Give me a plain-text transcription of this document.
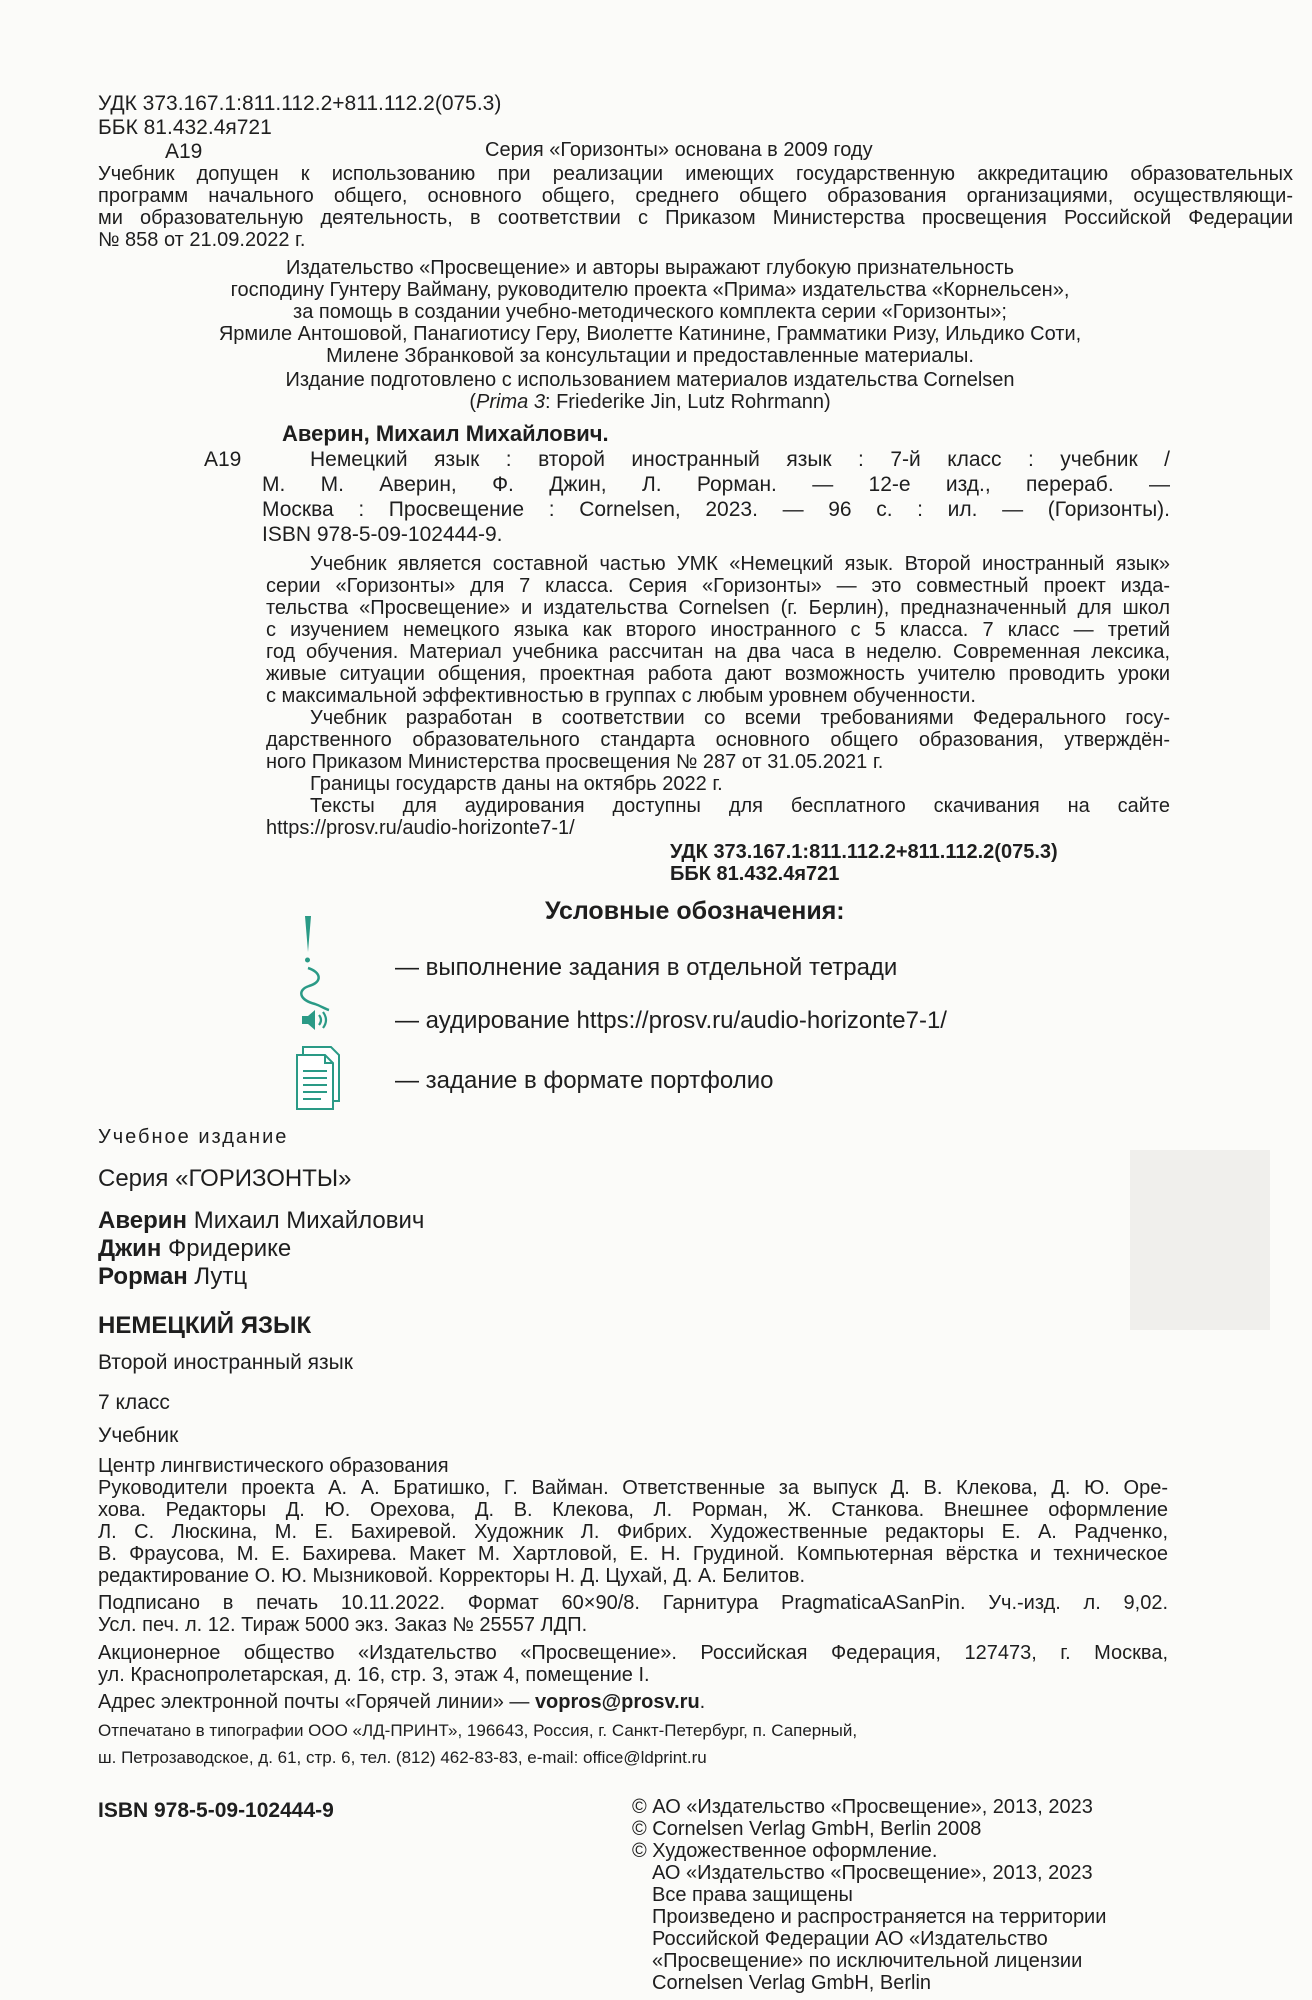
УДК 373.167.1:811.112.2+811.112.2(075.3)
ББК 81.432.4я721
А19	Серия «Горизонты» основана в 2009 году
Учебник допущен к использованию при реализации имеющих государственную аккредитацию образовательных
программ начального общего, основного общего, среднего общего образования организациями, осуществляющи-
ми образовательную деятельность, в соответствии с Приказом Министерства просвещения Российской Федерации
№ 858 от 21.09.2022 г.
Издательство «Просвещение» и авторы выражают глубокую признательность
господину Гунтеру Вайману, руководителю проекта «Прима» издательства «Корнельсен»,
за помощь в создании учебно-методического комплекта серии «Горизонты»;
Ярмиле Антошовой, Панагиотису Геру, Виолетте Катинине, Грамматики Ризу, Ильдико Соти,
Милене Збранковой за консультации и предоставленные материалы.
Издание подготовлено с использованием материалов издательства Cornelsen
(Prima 3: Friederike Jin, Lutz Rohrmann)
Аверин, Михаил Михайлович.
А19	Немецкий язык : второй иностранный язык : 7-й класс : учебник /
М. М. Аверин, Ф. Джин, Л. Рорман. — 12-е изд., перераб. —
Москва : Просвещение : Cornelsen, 2023. — 96 с. : ил. — (Горизонты).
ISBN 978-5-09-102444-9.
Учебник является составной частью УМК «Немецкий язык. Второй иностранный язык»
серии «Горизонты» для 7 класса. Серия «Горизонты» — это совместный проект изда-
тельства «Просвещение» и издательства Cornelsen (г. Берлин), предназначенный для школ
с изучением немецкого языка как второго иностранного с 5 класса. 7 класс — третий
год обучения. Материал учебника рассчитан на два часа в неделю. Современная лексика,
живые ситуации общения, проектная работа дают возможность учителю проводить уроки
с максимальной эффективностью в группах с любым уровнем обученности.
Учебник разработан в соответствии со всеми требованиями Федерального госу-
дарственного образовательного стандарта основного общего образования, утверждён-
ного Приказом Министерства просвещения № 287 от 31.05.2021 г.
Границы государств даны на октябрь 2022 г.
Тексты для аудирования доступны для бесплатного скачивания на сайте
https://prosv.ru/audio-horizonte7-1/
УДК 373.167.1:811.112.2+811.112.2(075.3)
ББК 81.432.4я721
Условные обозначения:
— выполнение задания в отдельной тетради
— аудирование https://prosv.ru/audio-horizonte7-1/
— задание в формате портфолио
Учебное издание
Серия «ГОРИЗОНТЫ»
Аверин Михаил Михайлович
Джин Фридерике
Рорман Лутц
НЕМЕЦКИЙ ЯЗЫК
Второй иностранный язык
7 класс
Учебник
Центр лингвистического образования
Руководители проекта А. А. Братишко, Г. Вайман. Ответственные за выпуск Д. В. Клекова, Д. Ю. Оре-
хова. Редакторы Д. Ю. Орехова, Д. В. Клекова, Л. Рорман, Ж. Станкова. Внешнее оформление
Л. С. Люскина, М. Е. Бахиревой. Художник Л. Фибрих. Художественные редакторы Е. А. Радченко,
В. Фраусова, М. Е. Бахирева. Макет М. Хартловой, Е. Н. Грудиной. Компьютерная вёрстка и техническое
редактирование О. Ю. Мызниковой. Корректоры Н. Д. Цухай, Д. А. Белитов.
Подписано в печать 10.11.2022. Формат 60×90/8. Гарнитура PragmaticaASanPin. Уч.-изд. л. 9,02.
Усл. печ. л. 12. Тираж 5000 экз. Заказ № 25557 ЛДП.
Акционерное общество «Издательство «Просвещение». Российская Федерация, 127473, г. Москва,
ул. Краснопролетарская, д. 16, стр. 3, этаж 4, помещение I.
Адрес электронной почты «Горячей линии» — vopros@prosv.ru.
Отпечатано в типографии ООО «ЛД-ПРИНТ», 196643, Россия, г. Санкт-Петербург, п. Саперный,
ш. Петрозаводское, д. 61, стр. 6, тел. (812) 462-83-83, e-mail: office@ldprint.ru
ISBN 978-5-09-102444-9	© АО «Издательство «Просвещение», 2013, 2023
© Cornelsen Verlag GmbH, Berlin 2008
© Художественное оформление.
АО «Издательство «Просвещение», 2013, 2023
Все права защищены
Произведено и распространяется на территории
Российской Федерации АО «Издательство
«Просвещение» по исключительной лицензии
Cornelsen Verlag GmbH, Berlin
